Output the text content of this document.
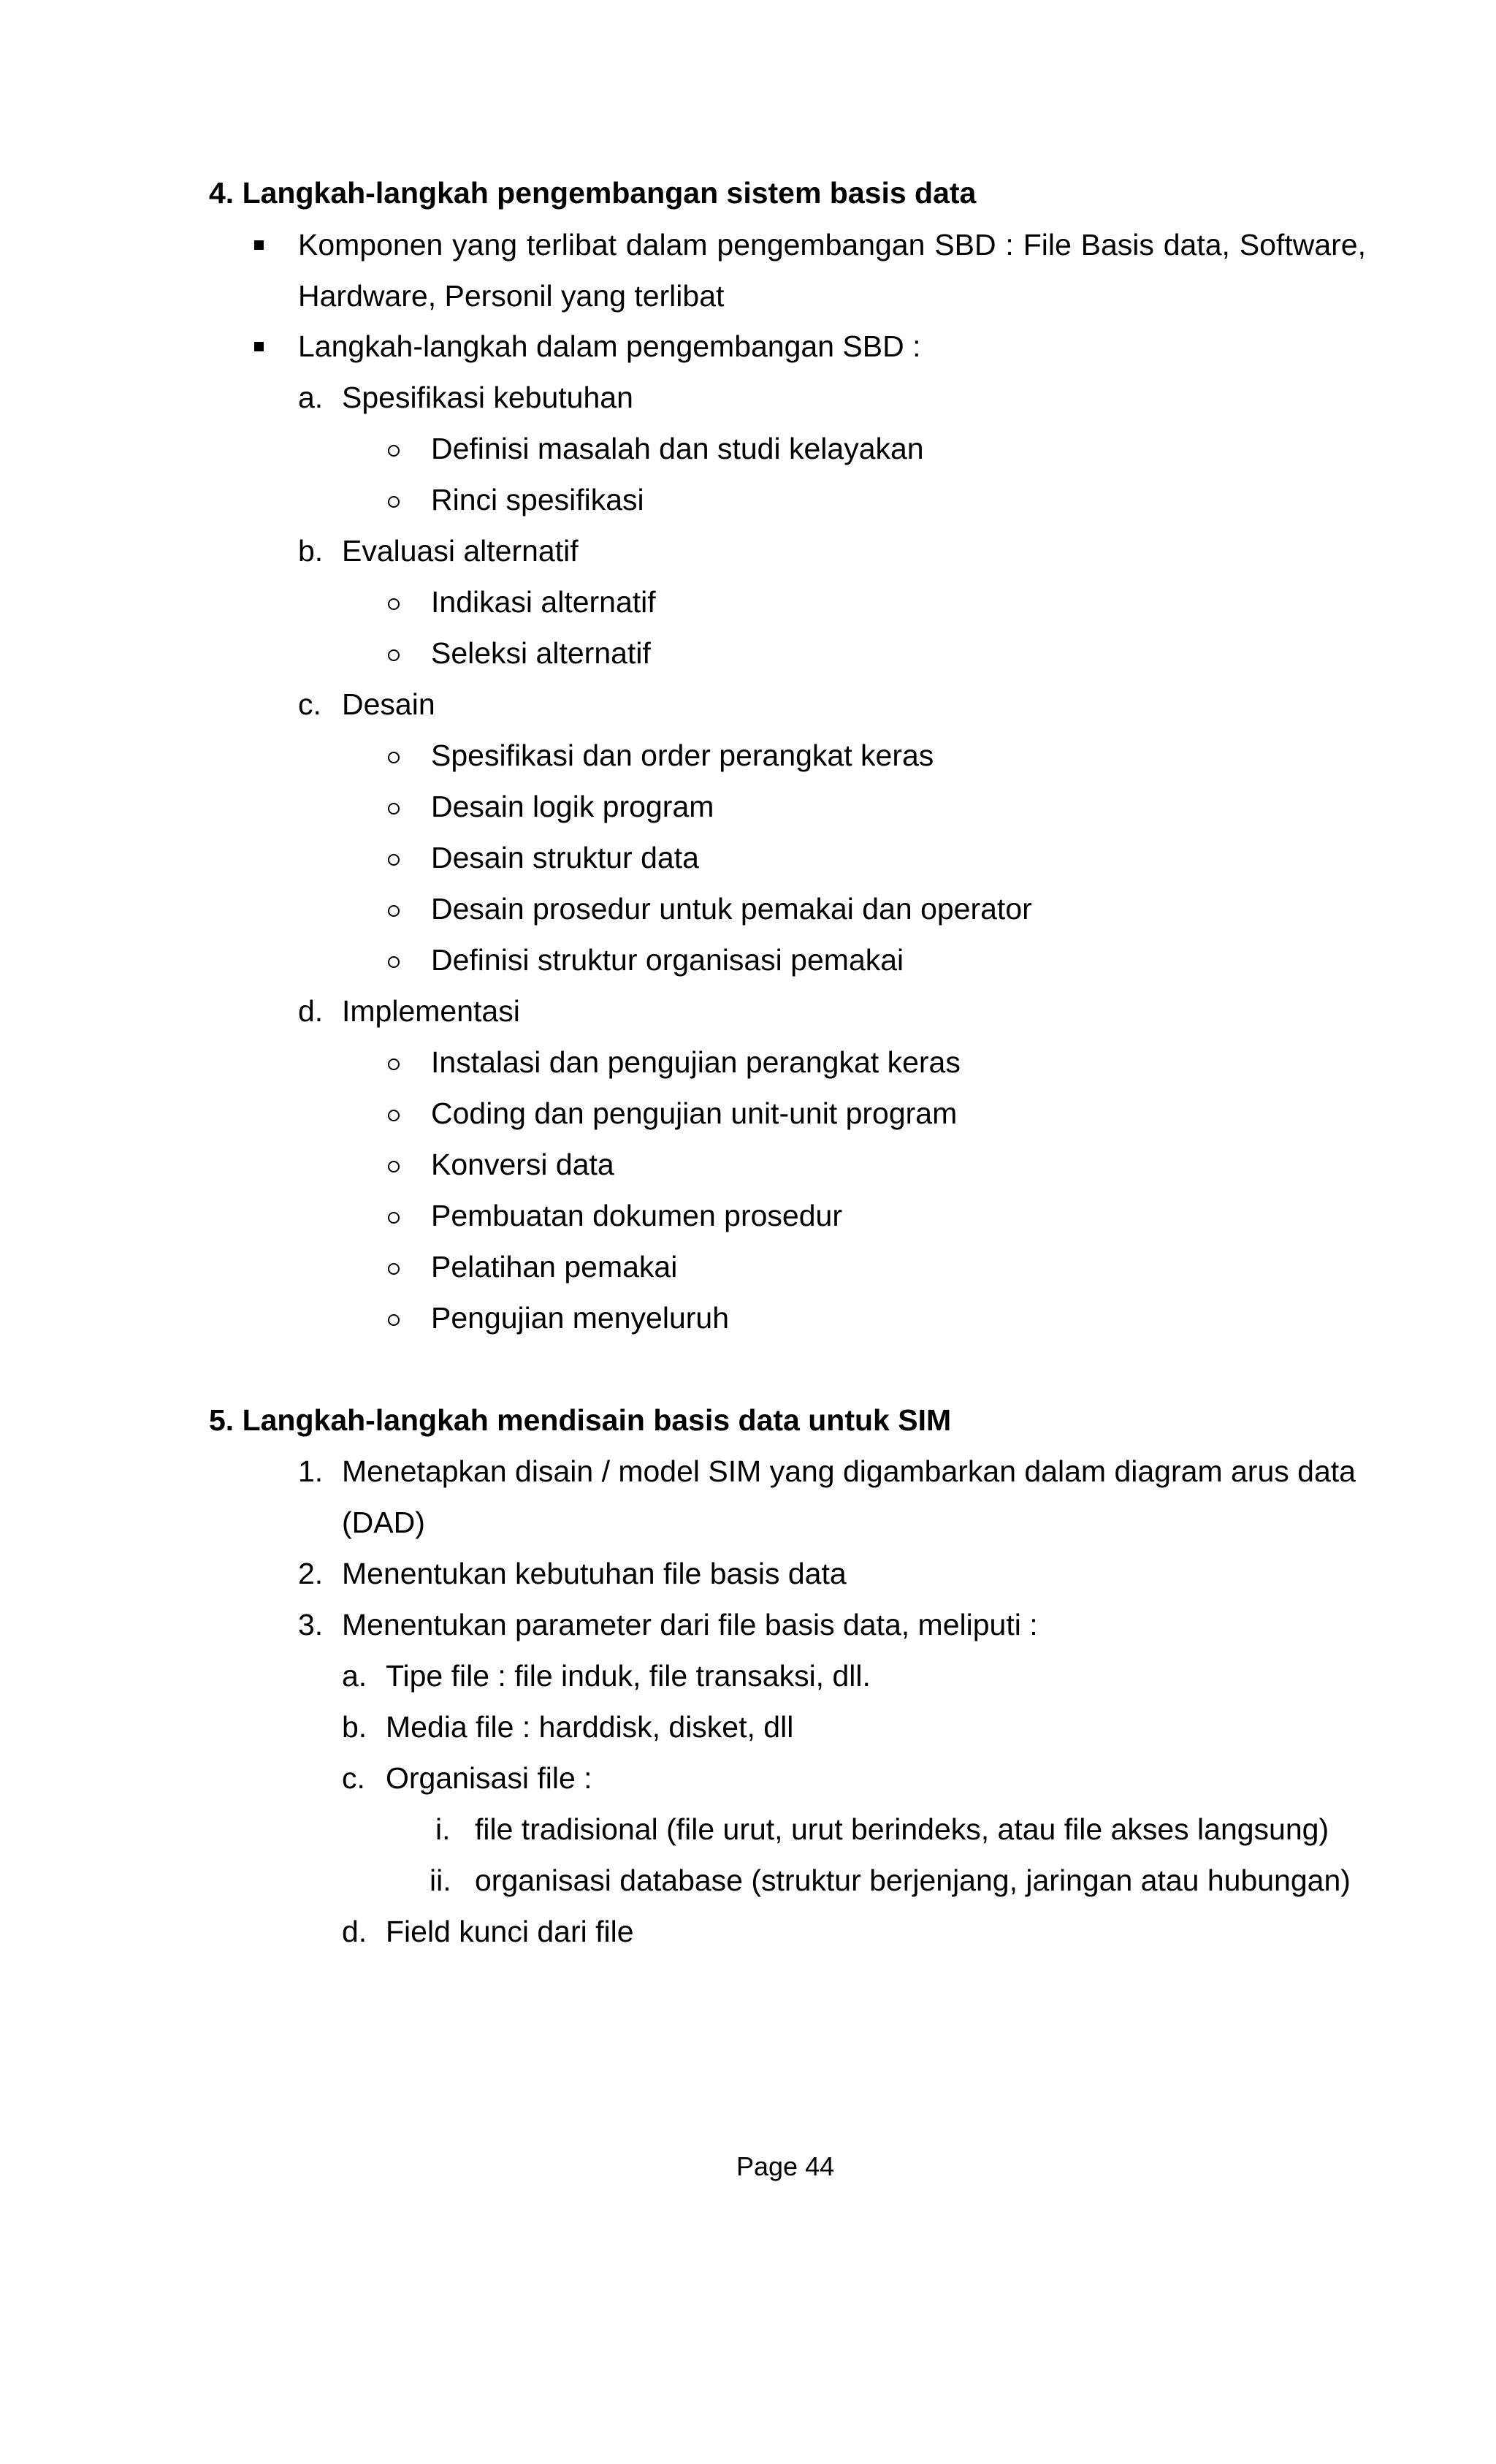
4. Langkah-langkah pengembangan sistem basis data
Komponen yang terlibat dalam pengembangan SBD : File Basis data, Software,
Hardware, Personil yang terlibat
Langkah-langkah dalam pengembangan SBD :
a. Spesifikasi kebutuhan
Definisi masalah dan studi kelayakan
Rinci spesifikasi
b. Evaluasi alternatif
Indikasi alternatif
Seleksi alternatif
c. Desain
Spesifikasi dan order perangkat keras
Desain logik program
Desain struktur data
Desain prosedur untuk pemakai dan operator
Definisi struktur organisasi pemakai
d. Implementasi
Instalasi dan pengujian perangkat keras
Coding dan pengujian unit-unit program
Konversi data
Pembuatan dokumen prosedur
Pelatihan pemakai
Pengujian menyeluruh
5. Langkah-langkah mendisain basis data untuk SIM
1. Menetapkan disain / model SIM yang digambarkan dalam diagram arus data
(DAD)
2. Menentukan kebutuhan file basis data
3. Menentukan parameter dari file basis data, meliputi :
a. Tipe file : file induk, file transaksi, dll.
b. Media file : harddisk, disket, dll
c. Organisasi file :
i. file tradisional (file urut, urut berindeks, atau file akses langsung)
ii. organisasi database (struktur berjenjang, jaringan atau hubungan)
d. Field kunci dari file
Page 44
